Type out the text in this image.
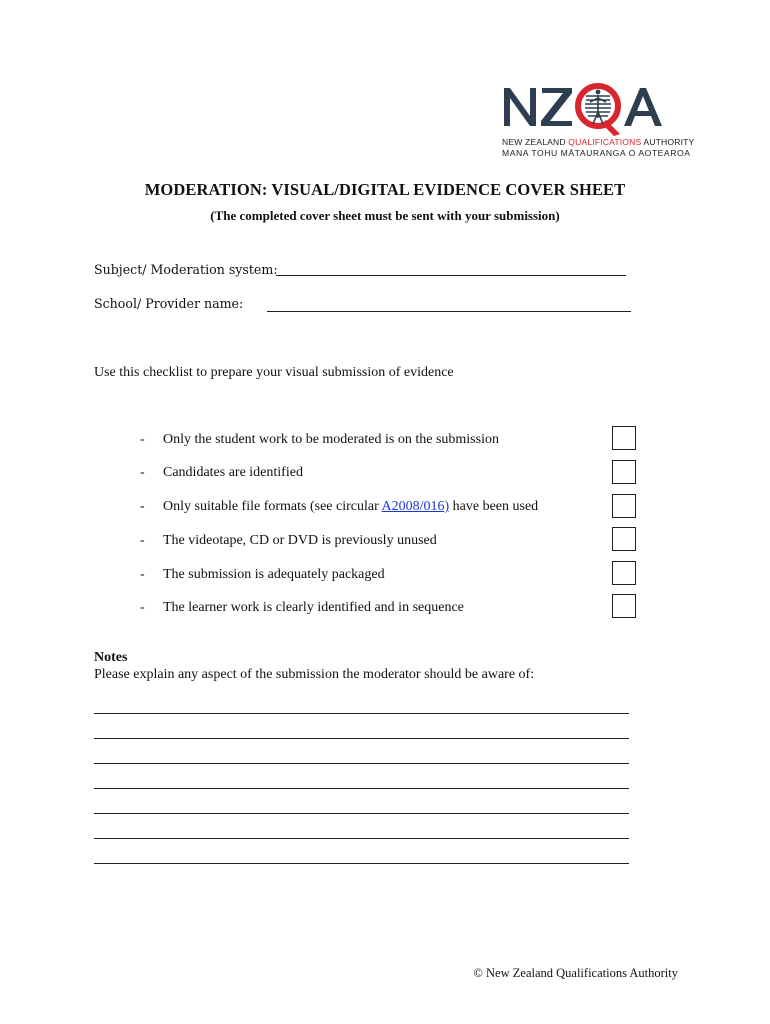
NEW ZEALAND QUALIFICATIONS AUTHORITY
MANA TOHU MĀTAURANGA O AOTEAROA
MODERATION: VISUAL/DIGITAL EVIDENCE COVER SHEET
(The completed cover sheet must be sent with your submission)
Subject/ Moderation system:
School/ Provider name:
Use this checklist to prepare your visual submission of evidence
- Only the student work to be moderated is on the submission
- Candidates are identified
- Only suitable file formats (see circular A2008/016) have been used
- The videotape, CD or DVD is previously unused
- The submission is adequately packaged
- The learner work is clearly identified and in sequence
Notes
Please explain any aspect of the submission the moderator should be aware of:
© New Zealand Qualifications Authority
